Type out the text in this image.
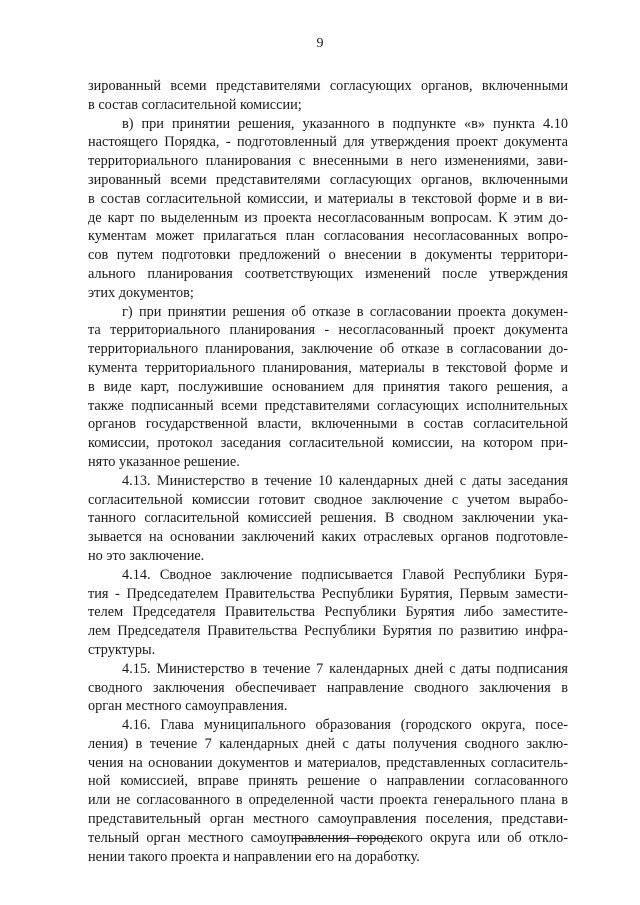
9
зированный всеми представителями согласующих органов, включенными
в состав согласительной комиссии;
в) при принятии решения, указанного в подпункте «в» пункта 4.10
настоящего Порядка, - подготовленный для утверждения проект документа
территориального планирования с внесенными в него изменениями, зави-
зированный всеми представителями согласующих органов, включенными
в состав согласительной комиссии, и материалы в текстовой форме и в ви-
де карт по выделенным из проекта несогласованным вопросам. К этим до-
кументам может прилагаться план согласования несогласованных вопро-
сов путем подготовки предложений о внесении в документы территори-
ального планирования соответствующих изменений после утверждения
этих документов;
г) при принятии решения об отказе в согласовании проекта докумен-
та территориального планирования - несогласованный проект документа
территориального планирования, заключение об отказе в согласовании до-
кумента территориального планирования, материалы в текстовой форме и
в виде карт, послужившие основанием для принятия такого решения, а
также подписанный всеми представителями согласующих исполнительных
органов государственной власти, включенными в состав согласительной
комиссии, протокол заседания согласительной комиссии, на котором при-
нято указанное решение.
4.13. Министерство в течение 10 календарных дней с даты заседания
согласительной комиссии готовит сводное заключение с учетом вырабо-
танного согласительной комиссией решения. В сводном заключении ука-
зывается на основании заключений каких отраслевых органов подготовле-
но это заключение.
4.14. Сводное заключение подписывается Главой Республики Буря-
тия - Председателем Правительства Республики Бурятия, Первым замести-
телем Председателя Правительства Республики Бурятия либо заместите-
лем Председателя Правительства Республики Бурятия по развитию инфра-
структуры.
4.15. Министерство в течение 7 календарных дней с даты подписания
сводного заключения обеспечивает направление сводного заключения в
орган местного самоуправления.
4.16. Глава муниципального образования (городского округа, посе-
ления) в течение 7 календарных дней с даты получения сводного заклю-
чения на основании документов и материалов, представленных согласитель-
ной комиссией, вправе принять решение о направлении согласованного
или не согласованного в определенной части проекта генерального плана в
представительный орган местного самоуправления поселения, представи-
тельный орган местного самоуправления городского округа или об откло-
нении такого проекта и направлении его на доработку.
